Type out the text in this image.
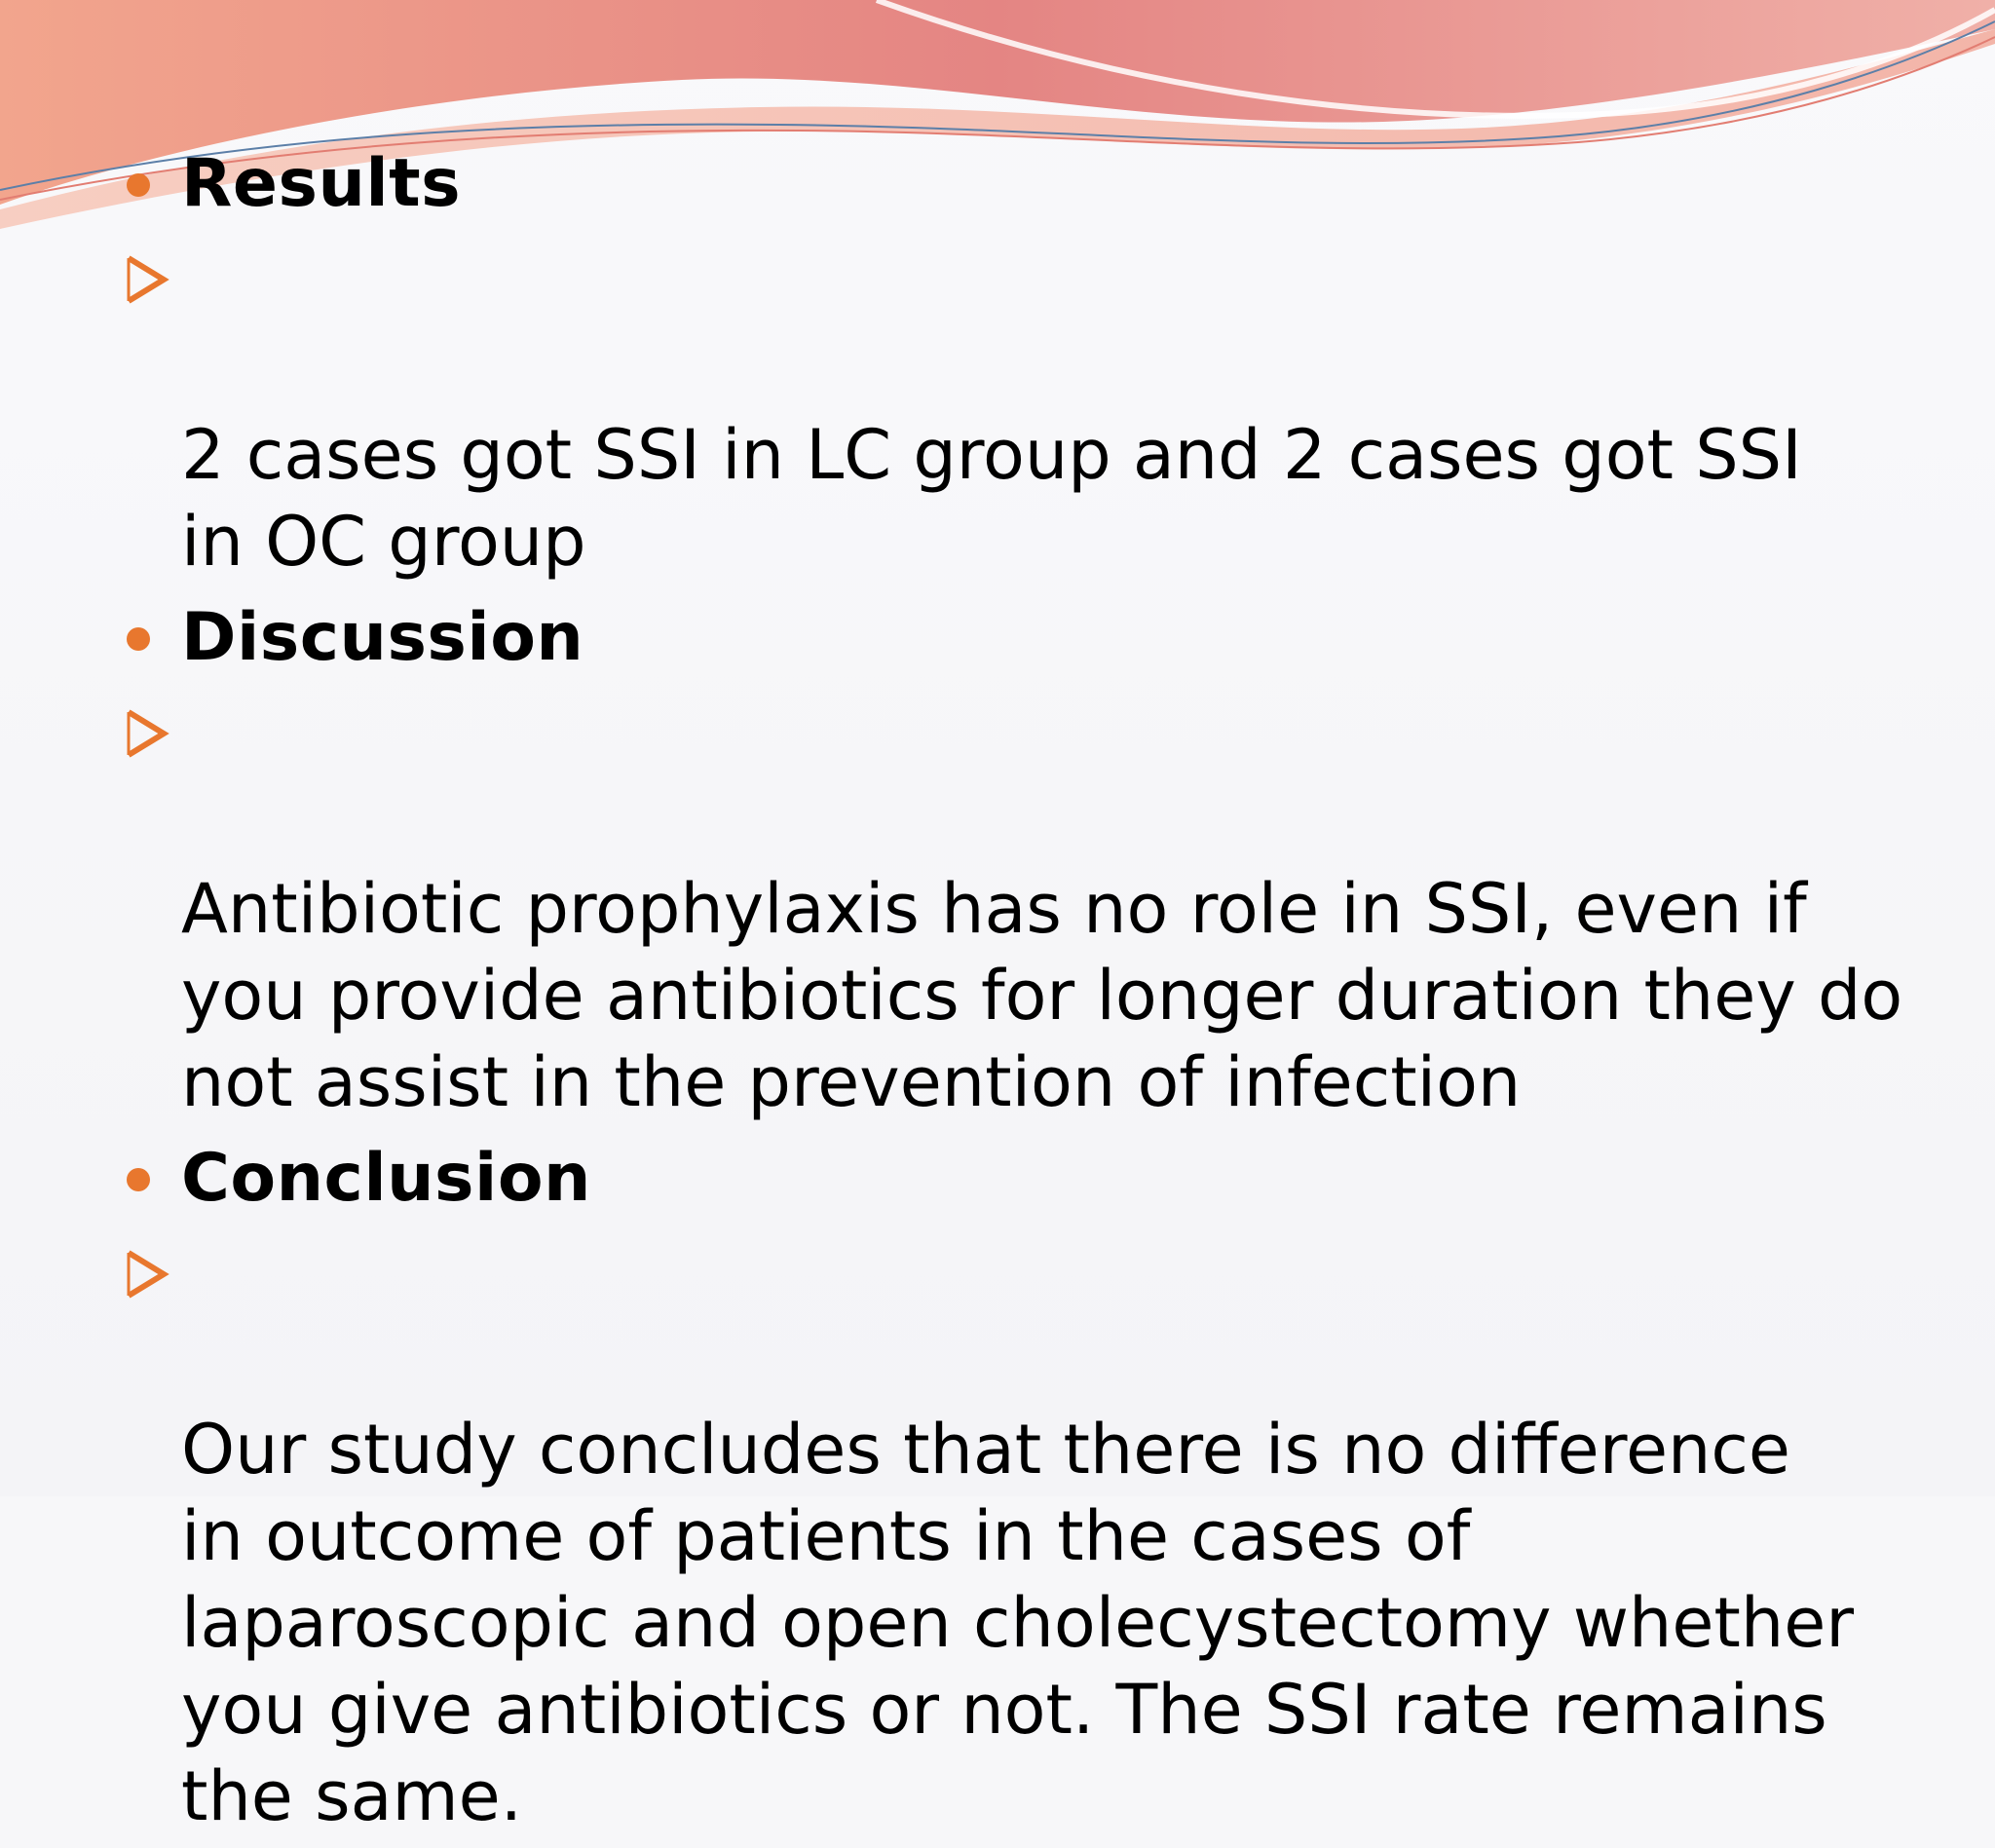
Results

2 cases got SSI in LC group and 2 cases got SSI
in OC group

Discussion

Antibiotic prophylaxis has no role in SSI, even if
you provide antibiotics for longer duration they do
not assist in the prevention of infection

Conclusion

Our study concludes that there is no difference
in outcome of patients in the cases of
laparoscopic and open cholecystectomy whether
you give antibiotics or not. The SSI rate remains
the same.
